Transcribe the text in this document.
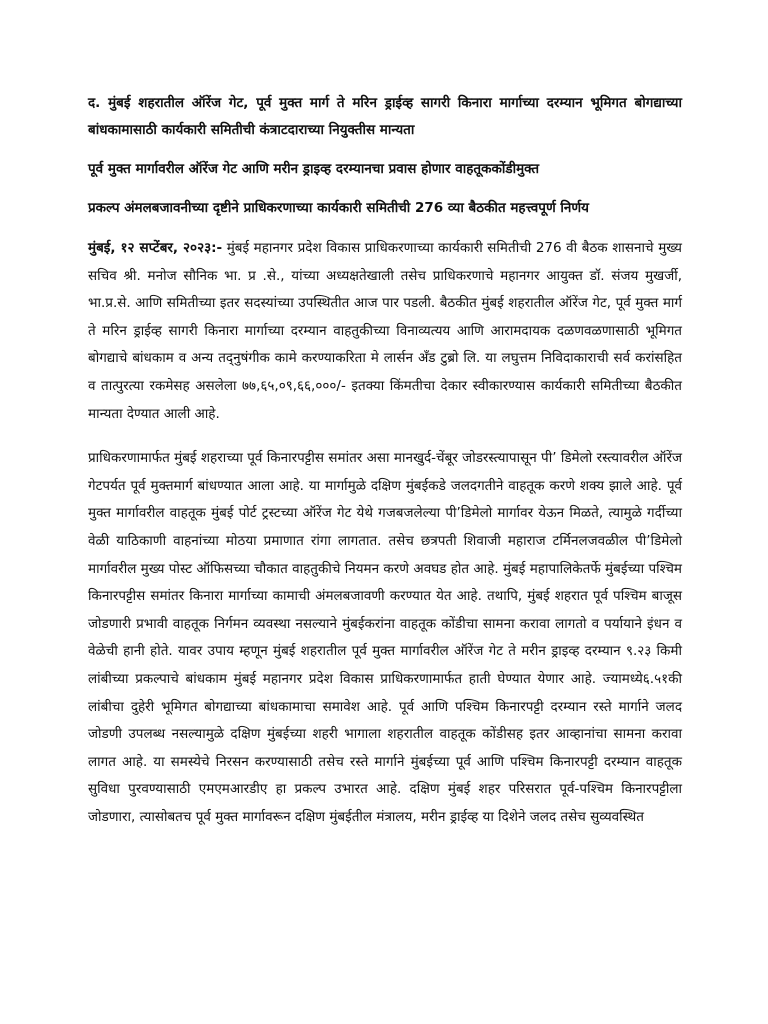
द. मुंबई शहरातील ऑरेंज गेट, पूर्व मुक्त मार्ग ते मरिन ड्राईव्ह सागरी किनारा मार्गाच्या दरम्यान भूमिगत बोगद्याच्या बांधकामासाठी कार्यकारी समितीची कंत्राटदाराच्या नियुक्तीस मान्यता

पूर्व मुक्त मार्गावरील ऑरेंज गेट आणि मरीन ड्राइव्ह दरम्यानचा प्रवास होणार वाहतूककोंडीमुक्त

प्रकल्प अंमलबजावनीच्या दृष्टीने प्राधिकरणाच्या कार्यकारी समितीची 276 व्या बैठकीत महत्त्वपूर्ण निर्णय

मुंबई, १२ सप्टेंबर, २०२३:- मुंबई महानगर प्रदेश विकास प्राधिकरणाच्या कार्यकारी समितीची 276 वी बैठक शासनाचे मुख्य सचिव श्री. मनोज सौनिक भा. प्र .से., यांच्या अध्यक्षतेखाली तसेच प्राधिकरणाचे महानगर आयुक्त डॉ. संजय मुखर्जी, भा.प्र.से. आणि समितीच्या इतर सदस्यांच्या उपस्थितीत आज पार पडली. बैठकीत मुंबई शहरातील ऑरेंज गेट, पूर्व मुक्त मार्ग ते मरिन ड्राईव्ह सागरी किनारा मार्गाच्या दरम्यान वाहतुकीच्या विनाव्यत्यय आणि आरामदायक दळणवळणासाठी भूमिगत बोगद्याचे बांधकाम व अन्य तद्नुषंगीक कामे करण्याकरिता मे लार्सन अँड टुब्रो लि. या लघुत्तम निविदाकाराची सर्व करांसहित व तात्पुरत्या रकमेसह असलेला ७७,६५,०९,६६,०००/- इतक्या किंमतीचा देकार स्वीकारण्यास कार्यकारी समितीच्या बैठकीत मान्यता देण्यात आली आहे.

प्राधिकरणामार्फत मुंबई शहराच्या पूर्व किनारपट्टीस समांतर असा मानखुर्द-चेंबूर जोडरस्त्यापासून पी’ डिमेलो रस्त्यावरील ऑरेंज गेटपर्यत पूर्व मुक्तमार्ग बांधण्यात आला आहे. या मार्गामुळे दक्षिण मुंबईकडे जलदगतीने वाहतूक करणे शक्य झाले आहे. पूर्व मुक्त मार्गावरील वाहतूक मुंबई पोर्ट ट्रस्टच्या ऑरेंज गेट येथे गजबजलेल्या पी’डिमेलो मार्गावर येऊन मिळते, त्यामुळे गर्दीच्या वेळी याठिकाणी वाहनांच्या मोठया प्रमाणात रांगा लागतात. तसेच छत्रपती शिवाजी महाराज टर्मिनलजवळील पी’डिमेलो मार्गावरील मुख्य पोस्ट ऑफिसच्या चौकात वाहतुकीचे नियमन करणे अवघड होत आहे. मुंबई महापालिकेतर्फे मुंबईच्या पश्चिम किनारपट्टीस समांतर किनारा मार्गाच्या कामाची अंमलबजावणी करण्यात येत आहे. तथापि, मुंबई शहरात पूर्व पश्चिम बाजूस जोडणारी प्रभावी वाहतूक निर्गमन व्यवस्था नसल्याने मुंबईकरांना वाहतूक कोंडीचा सामना करावा लागतो व पर्यायाने इंधन व वेळेची हानी होते. यावर उपाय म्हणून मुंबई शहरातील पूर्व मुक्त मार्गावरील ऑरेंज गेट ते मरीन ड्राइव्ह दरम्यान ९.२३ किमी लांबीच्या प्रकल्पाचे बांधकाम मुंबई महानगर प्रदेश विकास प्राधिकरणामार्फत हाती घेण्यात येणार आहे. ज्यामध्ये६.५१की लांबीचा दुहेरी भूमिगत बोगद्याच्या बांधकामाचा समावेश आहे. पूर्व आणि पश्चिम किनारपट्टी दरम्यान रस्ते मार्गाने जलद जोडणी उपलब्ध नसल्यामुळे दक्षिण मुंबईच्या शहरी भागाला शहरातील वाहतूक कोंडीसह इतर आव्हानांचा सामना करावा लागत आहे. या समस्येचे निरसन करण्यासाठी तसेच रस्ते मार्गाने मुंबईच्या पूर्व आणि पश्चिम किनारपट्टी दरम्यान वाहतूक सुविधा पुरवण्यासाठी एमएमआरडीए हा प्रकल्प उभारत आहे. दक्षिण मुंबई शहर परिसरात पूर्व-पश्चिम किनारपट्टीला जोडणारा, त्यासोबतच पूर्व मुक्त मार्गावरून दक्षिण मुंबईतील मंत्रालय, मरीन ड्राईव्ह या दिशेने जलद तसेच सुव्यवस्थित
